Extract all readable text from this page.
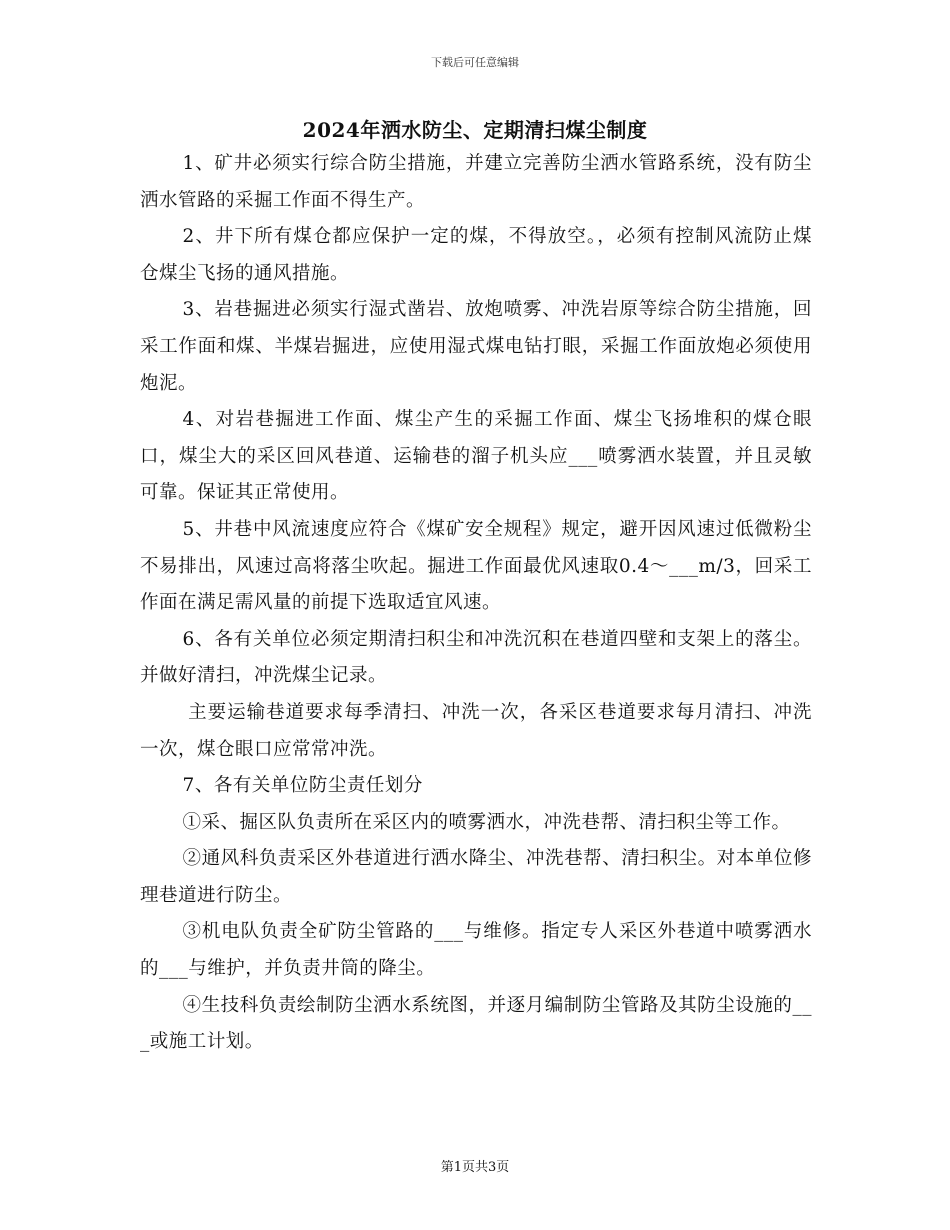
下载后可任意编辑
2024年洒水防尘、定期清扫煤尘制度

1、矿井必须实行综合防尘措施，并建立完善防尘洒水管路系统，没有防尘洒水管路的采掘工作面不得生产。

2、井下所有煤仓都应保护一定的煤，不得放空。，必须有控制风流防止煤仓煤尘飞扬的通风措施。

3、岩巷掘进必须实行湿式凿岩、放炮喷雾、冲洗岩原等综合防尘措施，回采工作面和煤、半煤岩掘进，应使用湿式煤电钻打眼，采掘工作面放炮必须使用炮泥。

4、对岩巷掘进工作面、煤尘产生的采掘工作面、煤尘飞扬堆积的煤仓眼口，煤尘大的采区回风巷道、运输巷的溜子机头应___喷雾洒水装置，并且灵敏可靠。保证其正常使用。

5、井巷中风流速度应符合《煤矿安全规程》规定，避开因风速过低微粉尘不易排出，风速过高将落尘吹起。掘进工作面最优风速取0.4～___m/3，回采工作面在满足需风量的前提下选取适宜风速。

6、各有关单位必须定期清扫积尘和冲洗沉积在巷道四壁和支架上的落尘。并做好清扫，冲洗煤尘记录。

主要运输巷道要求每季清扫、冲洗一次，各采区巷道要求每月清扫、冲洗一次，煤仓眼口应常常冲洗。

7、各有关单位防尘责任划分

①采、掘区队负责所在采区内的喷雾洒水，冲洗巷帮、清扫积尘等工作。

②通风科负责采区外巷道进行洒水降尘、冲洗巷帮、清扫积尘。对本单位修理巷道进行防尘。

③机电队负责全矿防尘管路的___与维修。指定专人采区外巷道中喷雾洒水的___与维护，并负责井筒的降尘。

④生技科负责绘制防尘洒水系统图，并逐月编制防尘管路及其防尘设施的___或施工计划。

第1页共3页
